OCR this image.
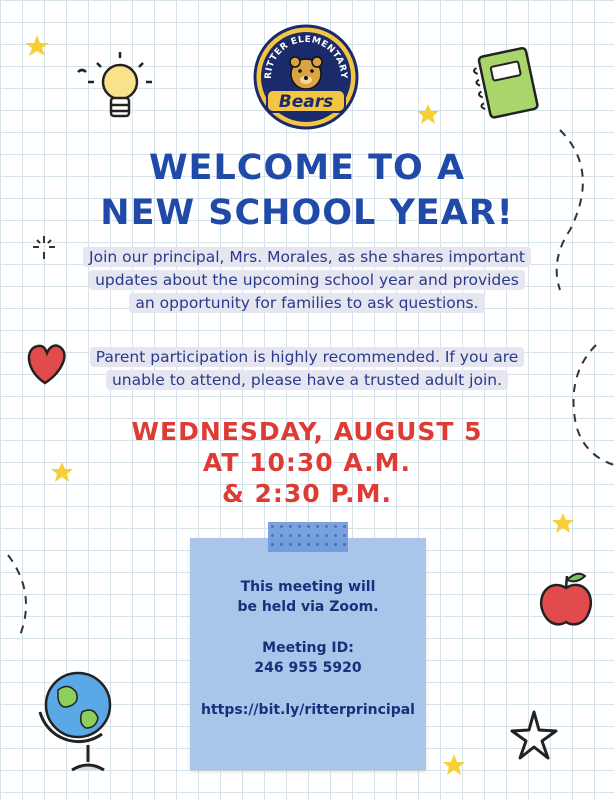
RITTER ELEMENTARY
Bears
WELCOME TO A
NEW SCHOOL YEAR!
Join our principal, Mrs. Morales, as she shares important
updates about the upcoming school year and provides
an opportunity for families to ask questions.
Parent participation is highly recommended. If you are
unable to attend, please have a trusted adult join.
WEDNESDAY, AUGUST 5
AT 10:30 A.M.
& 2:30 P.M.
This meeting will
be held via Zoom.
Meeting ID:
246 955 5920
https://bit.ly/ritterprincipal
